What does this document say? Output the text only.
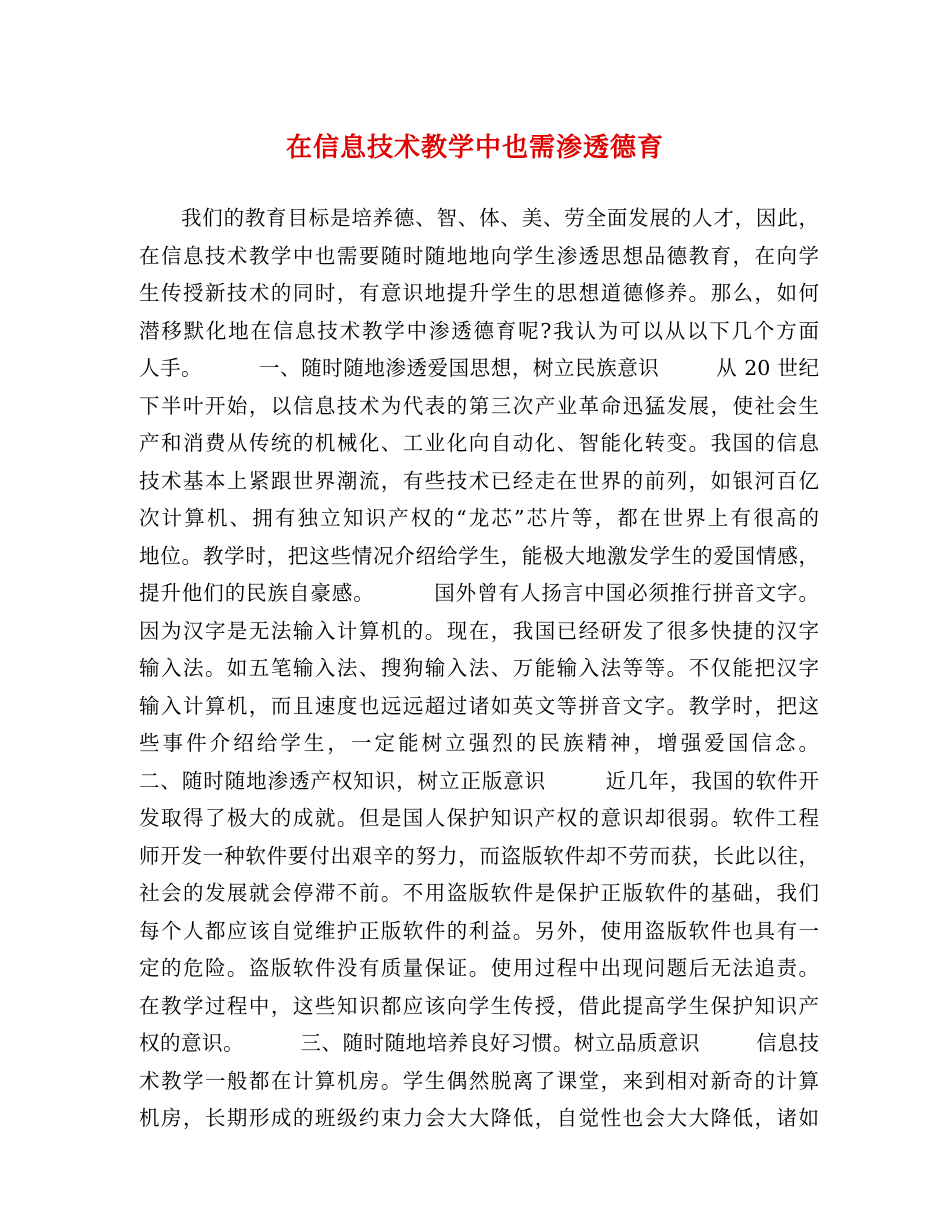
在信息技术教学中也需渗透德育
我们的教育目标是培养德、智、体、美、劳全面发展的人才，因此，
在信息技术教学中也需要随时随地地向学生渗透思想品德教育，在向学
生传授新技术的同时，有意识地提升学生的思想道德修养。那么，如何
潜移默化地在信息技术教学中渗透德育呢?我认为可以从以下几个方面
人手。        一、随时随地渗透爱国思想，树立民族意识        从 20 世纪
下半叶开始，以信息技术为代表的第三次产业革命迅猛发展，使社会生
产和消费从传统的机械化、工业化向自动化、智能化转变。我国的信息
技术基本上紧跟世界潮流，有些技术已经走在世界的前列，如银河百亿
次计算机、拥有独立知识产权的“龙芯”芯片等，都在世界上有很高的
地位。教学时，把这些情况介绍给学生，能极大地激发学生的爱国情感，
提升他们的民族自豪感。        国外曾有人扬言中国必须推行拼音文字。
因为汉字是无法输入计算机的。现在，我国已经研发了很多快捷的汉字
输入法。如五笔输入法、搜狗输入法、万能输入法等等。不仅能把汉字
输入计算机，而且速度也远远超过诸如英文等拼音文字。教学时，把这
些事件介绍给学生，一定能树立强烈的民族精神，增强爱国信念。
二、随时随地渗透产权知识，树立正版意识        近几年，我国的软件开
发取得了极大的成就。但是国人保护知识产权的意识却很弱。软件工程
师开发一种软件要付出艰辛的努力，而盗版软件却不劳而获，长此以往，
社会的发展就会停滞不前。不用盗版软件是保护正版软件的基础，我们
每个人都应该自觉维护正版软件的利益。另外，使用盗版软件也具有一
定的危险。盗版软件没有质量保证。使用过程中出现问题后无法追责。
在教学过程中，这些知识都应该向学生传授，借此提高学生保护知识产
权的意识。        三、随时随地培养良好习惯。树立品质意识        信息技
术教学一般都在计算机房。学生偶然脱离了课堂，来到相对新奇的计算
机房，长期形成的班级约束力会大大降低，自觉性也会大大降低，诸如
